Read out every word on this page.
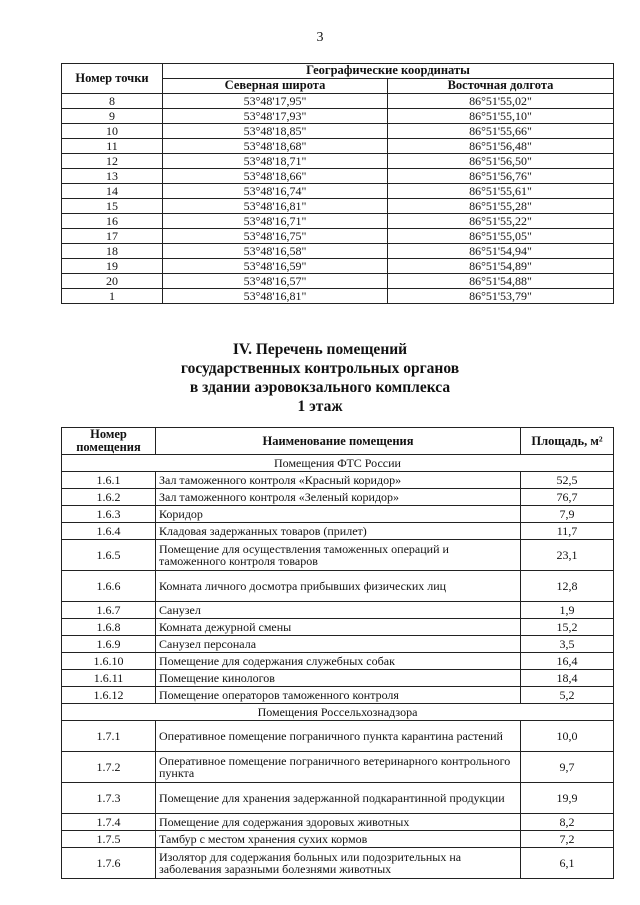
3
Номер точки	Географические координаты	
	Северная широта	Восточная долгота
8	53°48'17,95"	86°51'55,02"
9	53°48'17,93"	86°51'55,10"
10	53°48'18,85"	86°51'55,66"
11	53°48'18,68"	86°51'56,48"
12	53°48'18,71"	86°51'56,50"
13	53°48'18,66"	86°51'56,76"
14	53°48'16,74"	86°51'55,61"
15	53°48'16,81"	86°51'55,28"
16	53°48'16,71"	86°51'55,22"
17	53°48'16,75"	86°51'55,05"
18	53°48'16,58"	86°51'54,94"
19	53°48'16,59"	86°51'54,89"
20	53°48'16,57"	86°51'54,88"
1	53°48'16,81"	86°51'53,79"
IV. Перечень помещений
государственных контрольных органов
в здании аэровокзального комплекса
1 этаж
Номер помещения	Наименование помещения	Площадь, м²
Помещения ФТС России		
1.6.1	Зал таможенного контроля «Красный коридор»	52,5
1.6.2	Зал таможенного контроля «Зеленый коридор»	76,7
1.6.3	Коридор	7,9
1.6.4	Кладовая задержанных товаров (прилет)	11,7
1.6.5	Помещение для осуществления таможенных операций и таможенного контроля товаров	23,1
1.6.6	Комната личного досмотра прибывших физических лиц	12,8
1.6.7	Санузел	1,9
1.6.8	Комната дежурной смены	15,2
1.6.9	Санузел персонала	3,5
1.6.10	Помещение для содержания служебных собак	16,4
1.6.11	Помещение кинологов	18,4
1.6.12	Помещение операторов таможенного контроля	5,2
Помещения Россельхознадзора		
1.7.1	Оперативное помещение пограничного пункта карантина растений	10,0
1.7.2	Оперативное помещение пограничного ветеринарного контрольного пункта	9,7
1.7.3	Помещение для хранения задержанной подкарантинной продукции	19,9
1.7.4	Помещение для содержания здоровых животных	8,2
1.7.5	Тамбур с местом хранения сухих кормов	7,2
1.7.6	Изолятор для содержания больных или подозрительных на заболевания заразными болезнями животных	6,1
